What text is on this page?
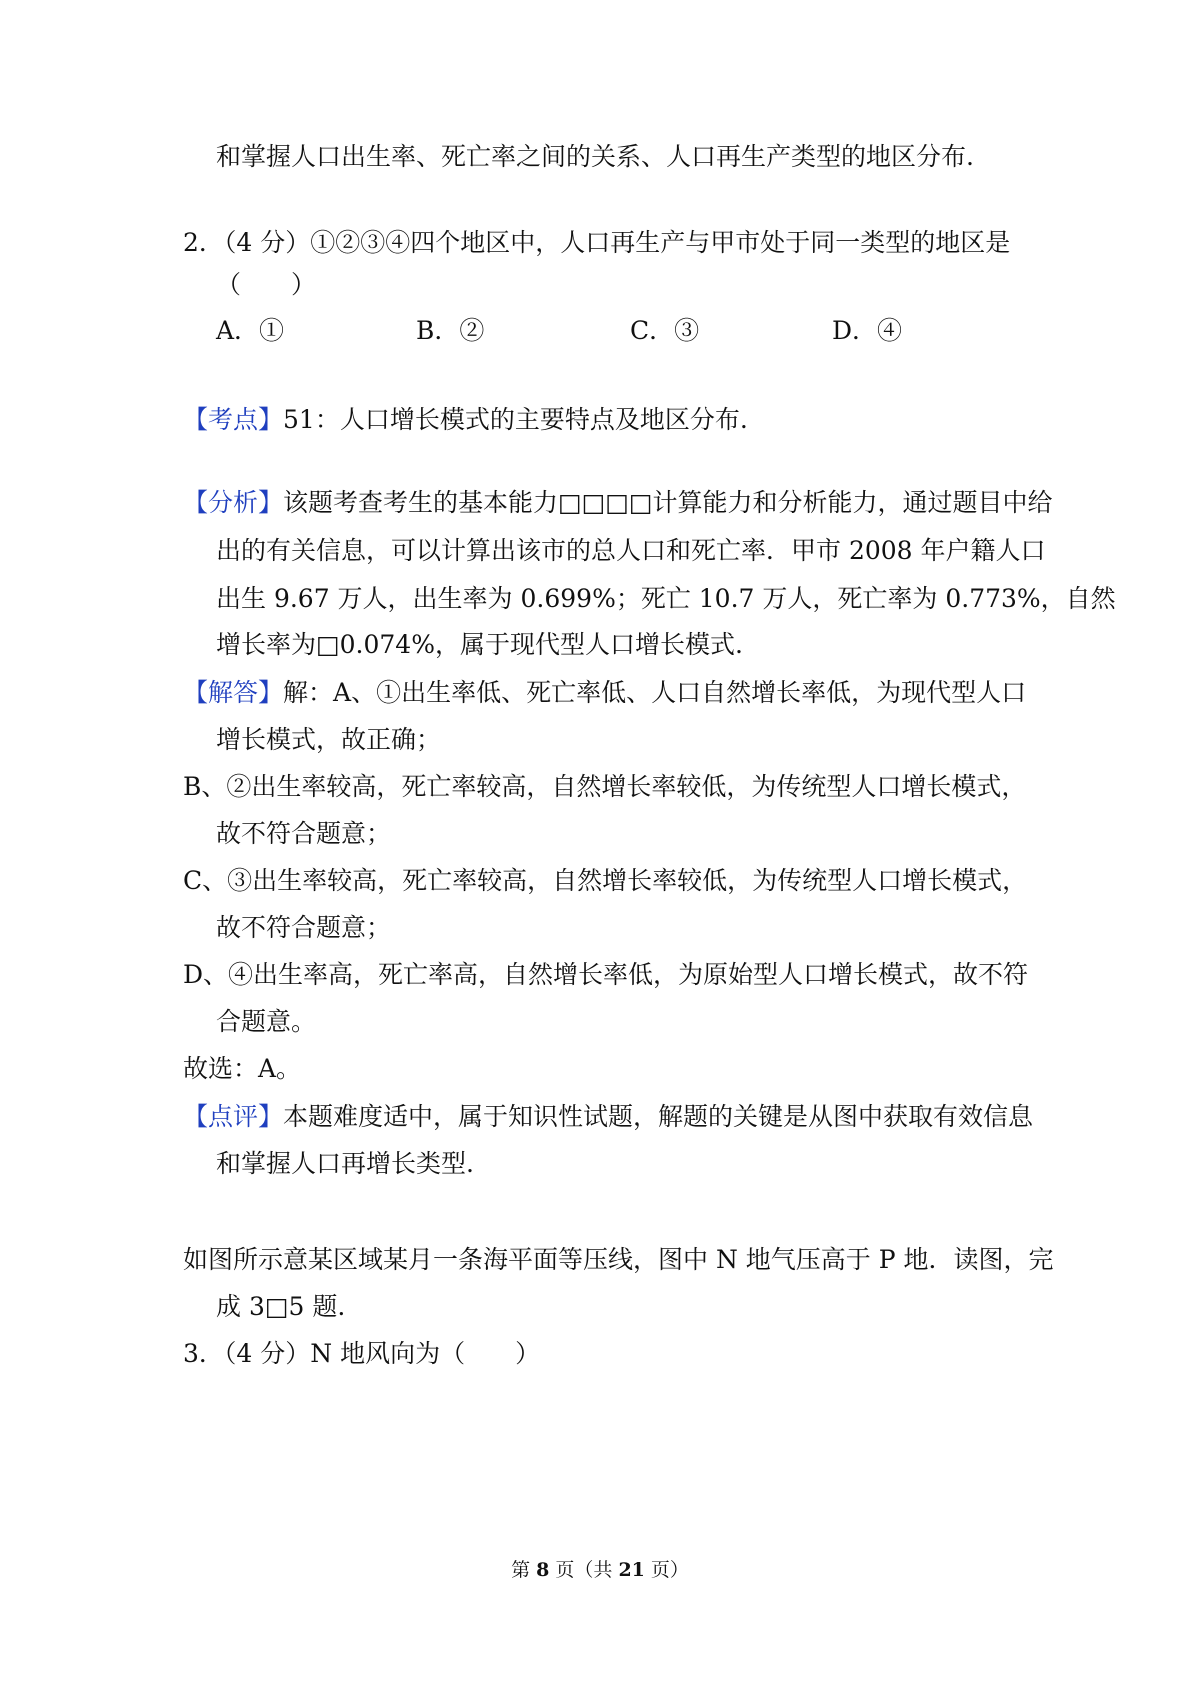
和掌握人口出生率、死亡率之间的关系、人口再生产类型的地区分布.
2．（4 分）①②③④四个地区中，人口再生产与甲市处于同一类型的地区是
（　　）
A．①	B．②	C．③	D．④
【考点】51：人口增长模式的主要特点及地区分布.
【分析】该题考查考生的基本能力□□□□计算能力和分析能力，通过题目中给
出的有关信息，可以计算出该市的总人口和死亡率．甲市 2008 年户籍人口
出生 9.67 万人，出生率为 0.699%；死亡 10.7 万人，死亡率为 0.773%，自然
增长率为□0.074%，属于现代型人口增长模式.
【解答】解：A、①出生率低、死亡率低、人口自然增长率低，为现代型人口
增长模式，故正确；
B、②出生率较高，死亡率较高，自然增长率较低，为传统型人口增长模式，
故不符合题意；
C、③出生率较高，死亡率较高，自然增长率较低，为传统型人口增长模式，
故不符合题意；
D、④出生率高，死亡率高，自然增长率低，为原始型人口增长模式，故不符
合题意。
故选：A。
【点评】本题难度适中，属于知识性试题，解题的关键是从图中获取有效信息
和掌握人口再增长类型.
如图所示意某区域某月一条海平面等压线，图中 N 地气压高于 P 地．读图，完
成 3□5 题.
3．（4 分）N 地风向为（　　）
第 8 页（共 21 页）
